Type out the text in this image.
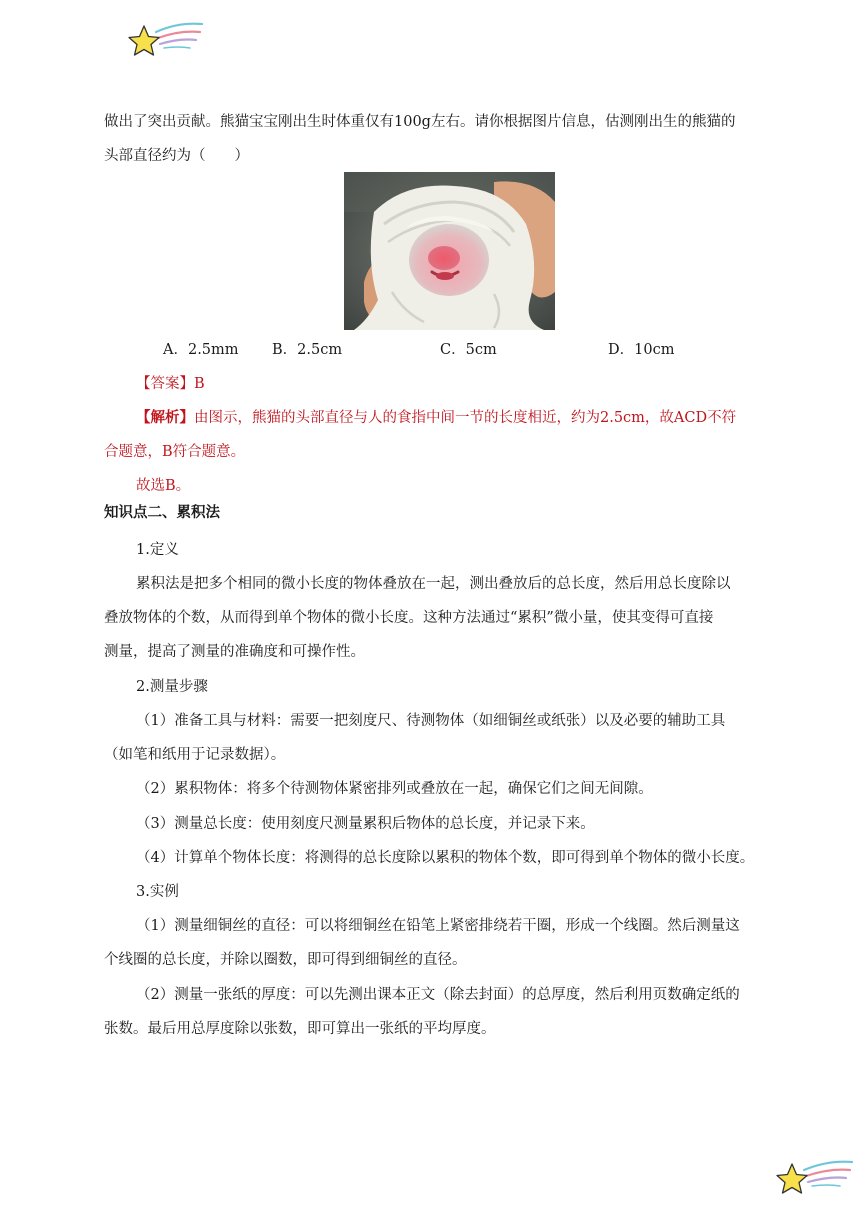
做出了突出贡献。熊猫宝宝刚出生时体重仅有100g左右。请你根据图片信息，估测刚出生的熊猫的
头部直径约为（　　）
A．2.5mm B．2.5cm	C．5cm	D．10cm
【答案】B
【解析】由图示，熊猫的头部直径与人的食指中间一节的长度相近，约为2.5cm，故ACD不符
合题意，B符合题意。
故选B。
知识点二、累积法
1.定义
累积法是把多个相同的微小长度的物体叠放在一起，测出叠放后的总长度，然后用总长度除以
叠放物体的个数，从而得到单个物体的微小长度。这种方法通过“累积”微小量，使其变得可直接
测量，提高了测量的准确度和可操作性。
2.测量步骤
（1）准备工具与材料：需要一把刻度尺、待测物体（如细铜丝或纸张）以及必要的辅助工具
（如笔和纸用于记录数据）。
（2）累积物体：将多个待测物体紧密排列或叠放在一起，确保它们之间无间隙。
（3）测量总长度：使用刻度尺测量累积后物体的总长度，并记录下来。
（4）计算单个物体长度：将测得的总长度除以累积的物体个数，即可得到单个物体的微小长度。
3.实例
（1）测量细铜丝的直径：可以将细铜丝在铅笔上紧密排绕若干圈，形成一个线圈。然后测量这
个线圈的总长度，并除以圈数，即可得到细铜丝的直径。
（2）测量一张纸的厚度：可以先测出课本正文（除去封面）的总厚度，然后利用页数确定纸的
张数。最后用总厚度除以张数，即可算出一张纸的平均厚度。
